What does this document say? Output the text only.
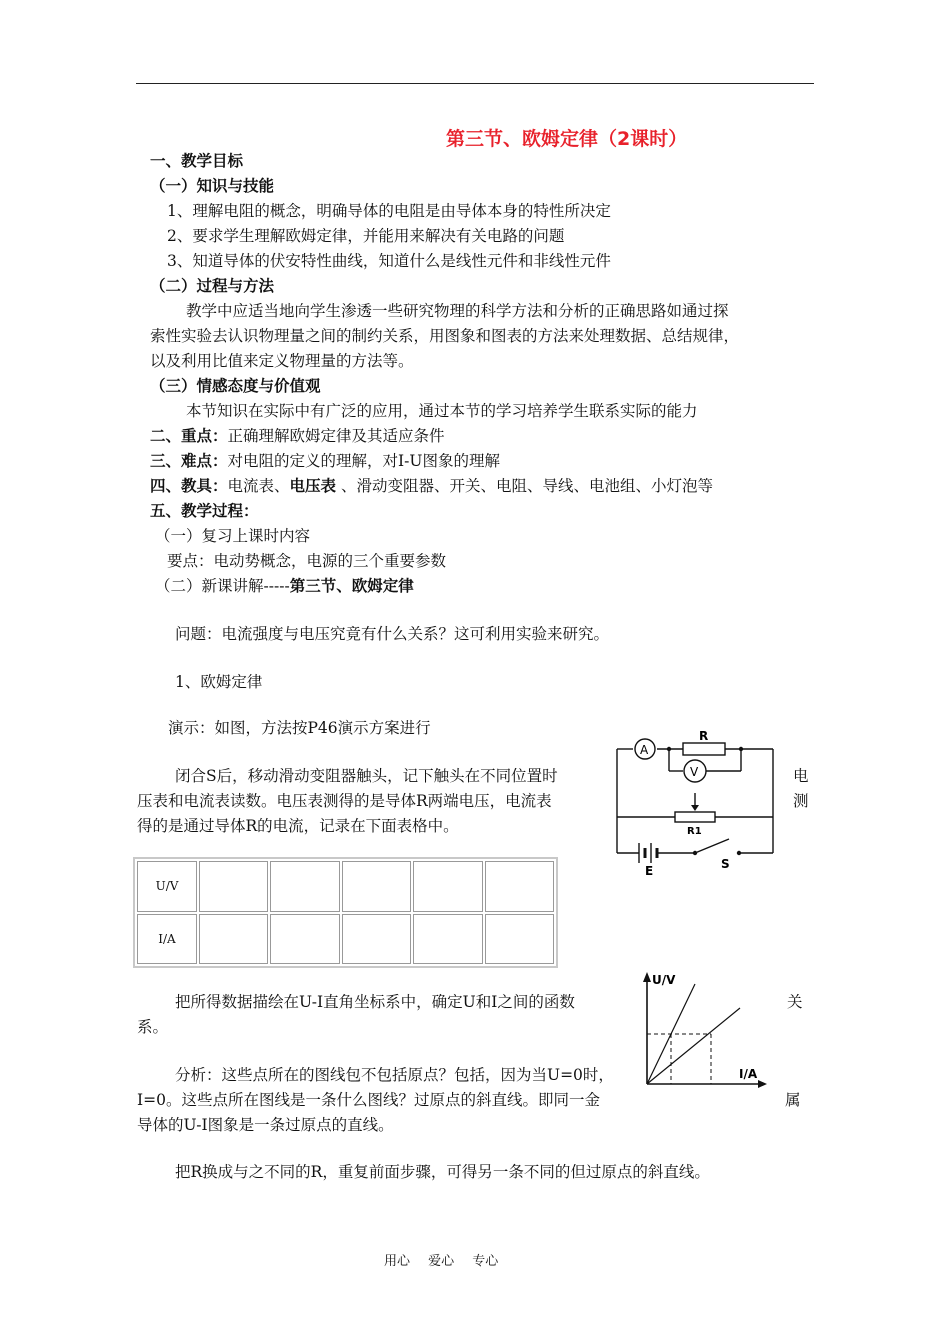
第三节、欧姆定律（2课时）
一、教学目标
（一）知识与技能
1、理解电阻的概念，明确导体的电阻是由导体本身的特性所决定
2、要求学生理解欧姆定律，并能用来解决有关电路的问题
3、知道导体的伏安特性曲线，知道什么是线性元件和非线性元件
（二）过程与方法
教学中应适当地向学生渗透一些研究物理的科学方法和分析的正确思路如通过探
索性实验去认识物理量之间的制约关系，用图象和图表的方法来处理数据、总结规律，
以及利用比值来定义物理量的方法等。
（三）情感态度与价值观
本节知识在实际中有广泛的应用，通过本节的学习培养学生联系实际的能力
二、重点：正确理解欧姆定律及其适应条件
三、难点：对电阻的定义的理解，对I-U图象的理解
四、教具：电流表、电压表 、滑动变阻器、开关、电阻、导线、电池组、小灯泡等
五、教学过程：
（一）复习上课时内容
要点：电动势概念，电源的三个重要参数
（二）新课讲解-----第三节、欧姆定律
问题：电流强度与电压究竟有什么关系？这可利用实验来研究。
1、欧姆定律
演示：如图，方法按P46演示方案进行
闭合S后，移动滑动变阻器触头，记下触头在不同位置时	电
压表和电流表读数。电压表测得的是导体R两端电压，电流表	测
得的是通过导体R的电流，记录在下面表格中。
A
V
R
R1
E	S
U/V					
I/A					
把所得数据描绘在U-I直角坐标系中，确定U和I之间的函数	关
系。
分析：这些点所在的图线包不包括原点？包括，因为当U=0时，
I=0。这些点所在图线是一条什么图线？过原点的斜直线。即同一金	属
导体的U-I图象是一条过原点的直线。
U/V
I/A
把R换成与之不同的R，重复前面步骤，可得另一条不同的但过原点的斜直线。
用心 爱心 专心
